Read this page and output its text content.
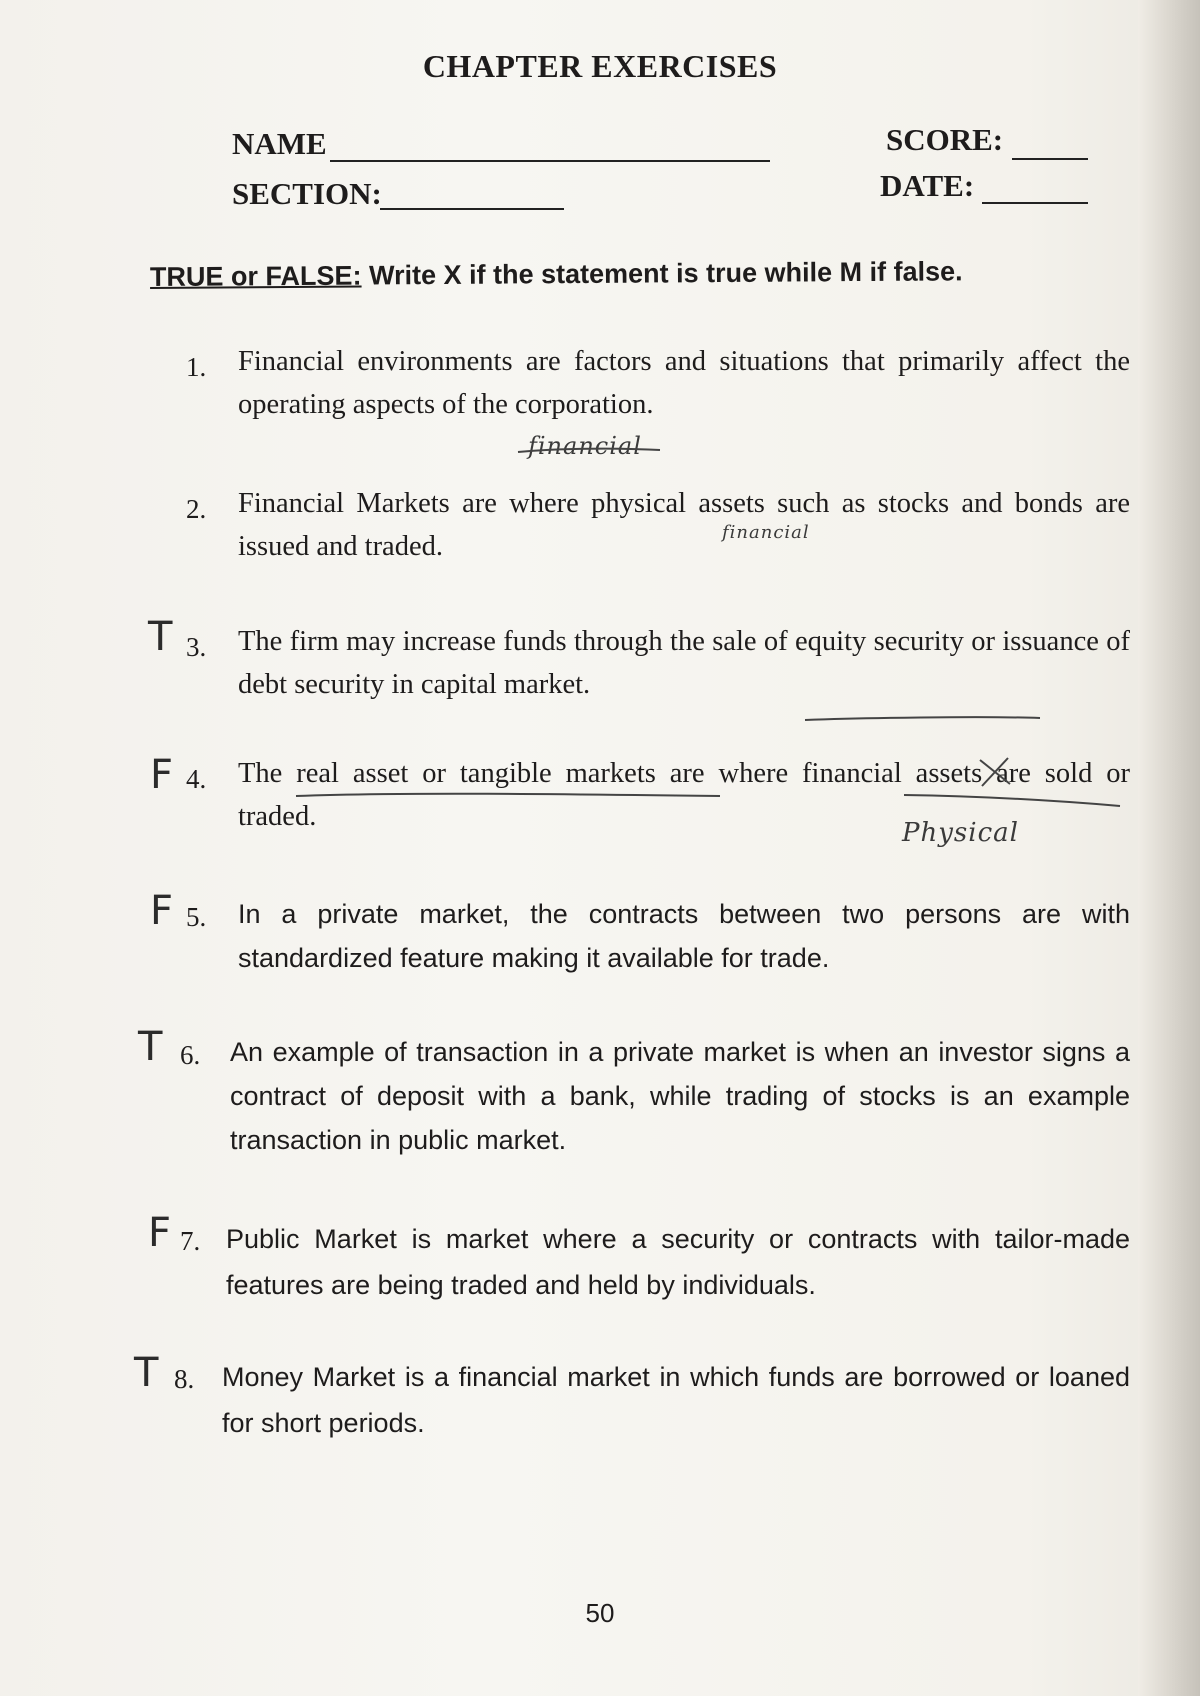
CHAPTER EXERCISES
NAME
SECTION:
SCORE:
DATE:
TRUE or FALSE: Write X if the statement is true while M if false.
1. Financial environments are factors and situations that primarily affect the operating aspects of the corporation.
financial
2. Financial Markets are where physical assets such as stocks and bonds are issued and traded.	financial
T 3. The firm may increase funds through the sale of equity security or issuance of debt security in capital market.
F 4. The real asset or tangible markets are where financial assets are sold or traded.
Physical
F 5. In a private market, the contracts between two persons are with standardized feature making it available for trade.
T 6. An example of transaction in a private market is when an investor signs a contract of deposit with a bank, while trading of stocks is an example transaction in public market.
F 7. Public Market is market where a security or contracts with tailor-made features are being traded and held by individuals.
T 8. Money Market is a financial market in which funds are borrowed or loaned for short periods.
50
